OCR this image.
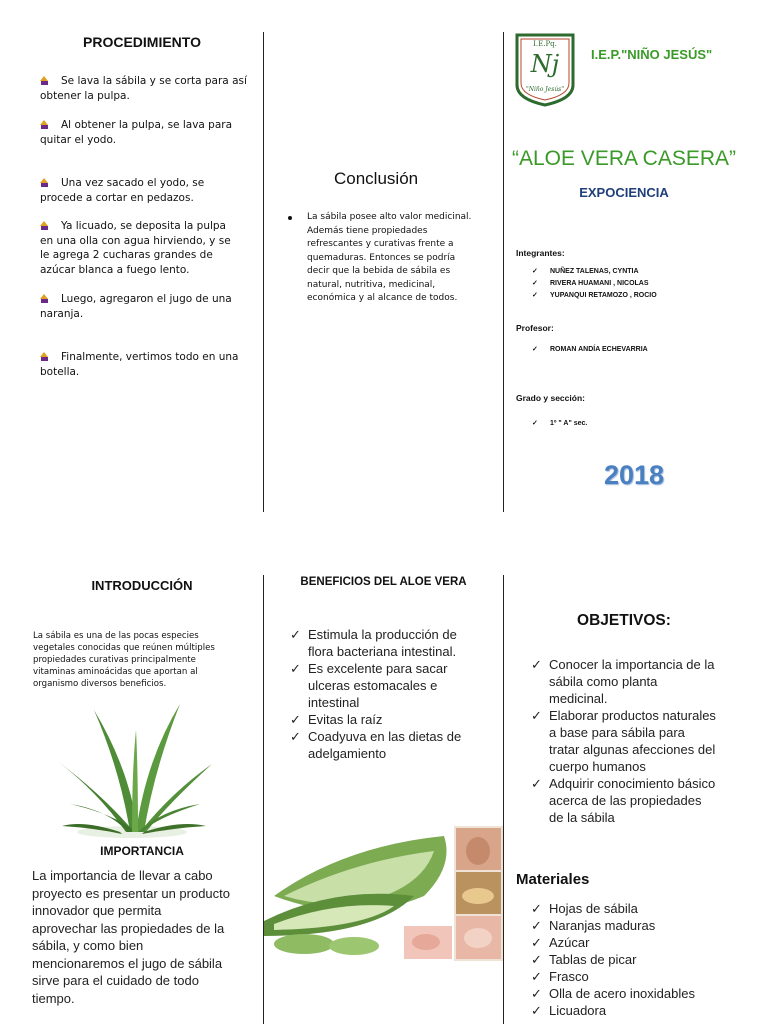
PROCEDIMIENTO
Se lava la sábila y se corta para así
obtener la pulpa.
Al obtener la pulpa, se lava para
quitar el yodo.
Una vez sacado el yodo, se
procede a cortar en pedazos.
Ya licuado, se deposita la pulpa
en una olla con agua hirviendo, y se
le agrega 2 cucharas grandes de
azúcar blanca a fuego lento.
Luego, agregaron el jugo de una
naranja.
Finalmente, vertimos todo en una
botella.
Conclusión
La sábila posee alto valor medicinal.
Además tiene propiedades
refrescantes y curativas frente a
quemaduras. Entonces se podría
decir que la bebida de sábila es
natural, nutritiva, medicinal,
económica y al alcance de todos.
I.E.Pq.
Nj
"Niño Jesús"
I.E.P."NIÑO JESÚS"
“ALOE VERA CASERA”
EXPOCIENCIA
Integrantes:
✓ NUÑEZ TALENAS, CYNTIA
✓ RIVERA HUAMANI , NICOLAS
✓ YUPANQUI RETAMOZO , ROCIO
Profesor:
✓ ROMAN ANDÍA ECHEVARRIA
Grado y sección:
✓ 1º " A" sec.
2018
INTRODUCCIÓN
La sábila es una de las pocas especies
vegetales conocidas que reúnen múltiples
propiedades curativas principalmente
vitaminas aminoácidas que aportan al
organismo diversos beneficios.
IMPORTANCIA
La importancia de llevar a cabo
proyecto es presentar un producto
innovador que permita
aprovechar las propiedades de la
sábila, y como bien
mencionaremos el jugo de sábila
sirve para el cuidado de todo
tiempo.
BENEFICIOS DEL ALOE VERA
✓ Estimula la producción de
flora bacteriana intestinal.
✓ Es excelente para sacar
ulceras estomacales e
intestinal
✓ Evitas la raíz
✓ Coadyuva en las dietas de
adelgamiento
OBJETIVOS:
✓ Conocer la importancia de la
sábila como planta
medicinal.
✓ Elaborar productos naturales
a base para sábila para
tratar algunas afecciones del
cuerpo humanos
✓ Adquirir conocimiento básico
acerca de las propiedades
de la sábila
Materiales
✓ Hojas de sábila
✓ Naranjas maduras
✓ Azúcar
✓ Tablas de picar
✓ Frasco
✓ Olla de acero inoxidables
✓ Licuadora
